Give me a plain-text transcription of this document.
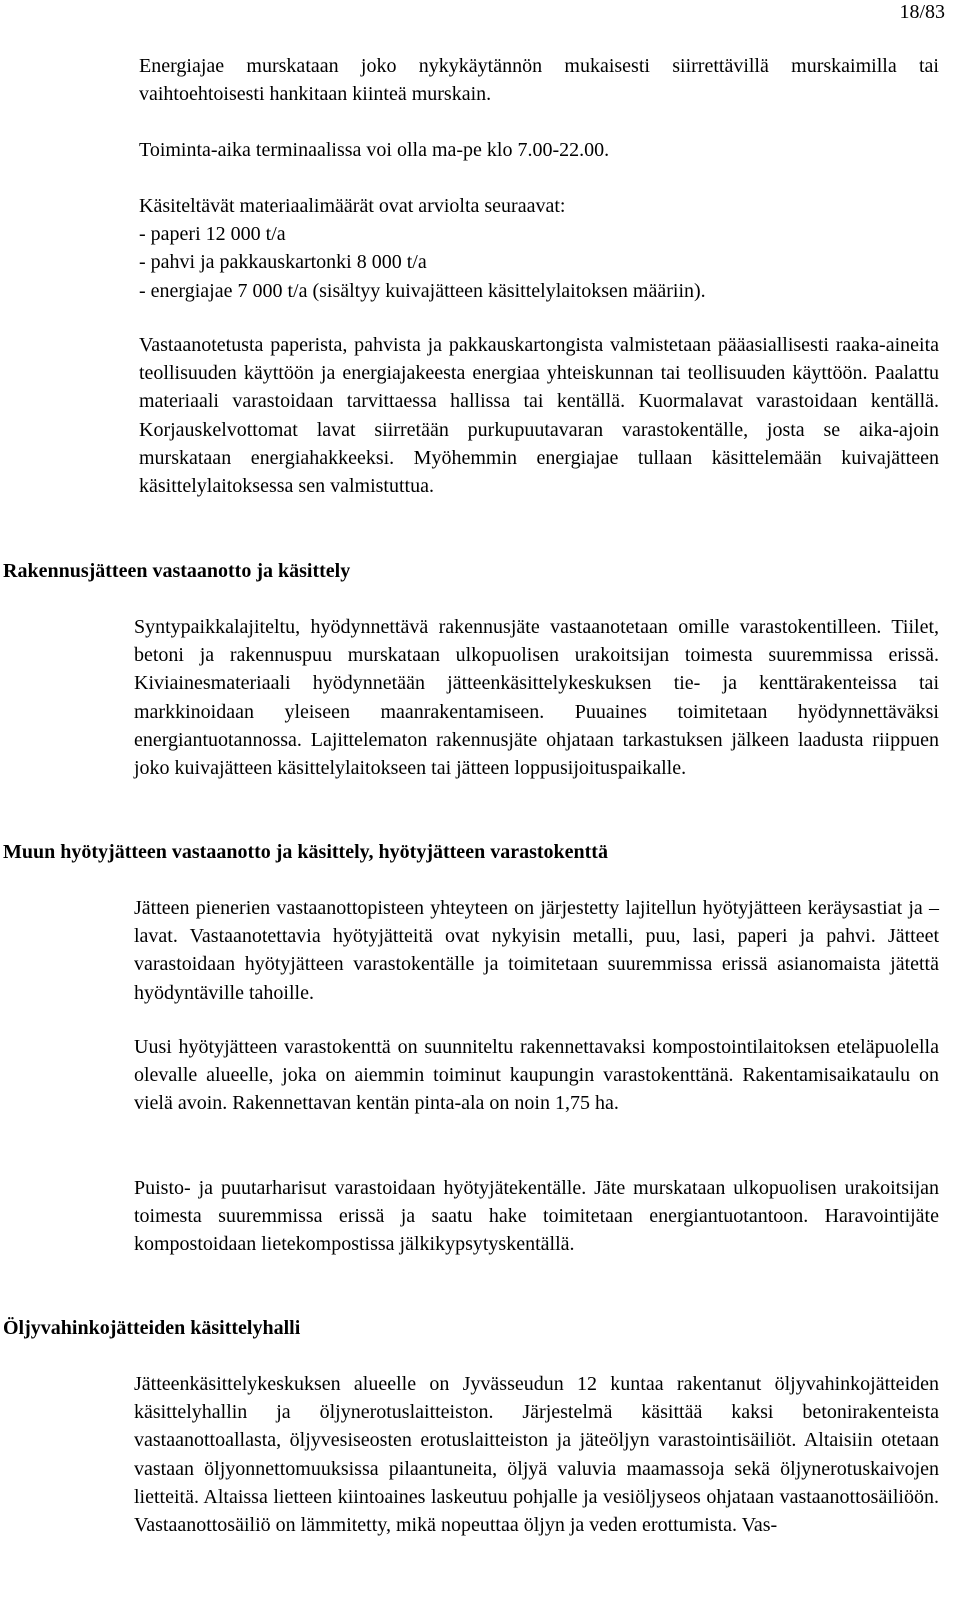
18/83

Energiajae murskataan joko nykykäytännön mukaisesti siirrettävillä murskaimilla tai vaihtoehtoisesti hankitaan kiinteä murskain.

Toiminta-aika terminaalissa voi olla ma-pe klo 7.00-22.00.

Käsiteltävät materiaalimäärät ovat arviolta seuraavat:
- paperi 12 000 t/a
- pahvi ja pakkauskartonki 8 000 t/a
- energiajae 7 000 t/a (sisältyy kuivajätteen käsittelylaitoksen määriin).

Vastaanotetusta paperista, pahvista ja pakkauskartongista valmistetaan pääasiallisesti raaka-aineita teollisuuden käyttöön ja energiajakeesta energiaa yhteiskunnan tai teollisuuden käyttöön. Paalattu materiaali varastoidaan tarvittaessa hallissa tai kentällä. Kuormalavat varastoidaan kentällä. Korjauskelvottomat lavat siirretään purkupuutavaran varastokentälle, josta se aika-ajoin murskataan energiahakkeeksi. Myöhemmin energiajae tullaan käsittelemään kuivajätteen käsittelylaitoksessa sen valmistuttua.

Rakennusjätteen vastaanotto ja käsittely

Syntypaikkalajiteltu, hyödynnettävä rakennusjäte vastaanotetaan omille varastokentilleen. Tiilet, betoni ja rakennuspuu murskataan ulkopuolisen urakoitsijan toimesta suuremmissa erissä. Kiviainesmateriaali hyödynnetään jätteenkäsittelykeskuksen tie- ja kenttärakenteissa tai markkinoidaan yleiseen maanrakentamiseen. Puuaines toimitetaan hyödynnettäväksi energiantuotannossa. Lajittelematon rakennusjäte ohjataan tarkastuksen jälkeen laadusta riippuen joko kuivajätteen käsittelylaitokseen tai jätteen loppusijoituspaikalle.

Muun hyötyjätteen vastaanotto ja käsittely, hyötyjätteen varastokenttä

Jätteen pienerien vastaanottopisteen yhteyteen on järjestetty lajitellun hyötyjätteen keräysastiat ja –lavat. Vastaanotettavia hyötyjätteitä ovat nykyisin metalli, puu, lasi, paperi ja pahvi. Jätteet varastoidaan hyötyjätteen varastokentälle ja toimitetaan suuremmissa erissä asianomaista jätettä hyödyntäville tahoille.

Uusi hyötyjätteen varastokenttä on suunniteltu rakennettavaksi kompostointilaitoksen eteläpuolella olevalle alueelle, joka on aiemmin toiminut kaupungin varastokenttänä. Rakentamisaikataulu on vielä avoin. Rakennettavan kentän pinta-ala on noin 1,75 ha.

Puisto- ja puutarharisut varastoidaan hyötyjätekentälle. Jäte murskataan ulkopuolisen urakoitsijan toimesta suuremmissa erissä ja saatu hake toimitetaan energiantuotantoon. Haravointijäte kompostoidaan lietekompostissa jälkikypsytyskentällä.

Öljyvahinkojätteiden käsittelyhalli

Jätteenkäsittelykeskuksen alueelle on Jyvässeudun 12 kuntaa rakentanut öljyvahinkojätteiden käsittelyhallin ja öljynerotuslaitteiston. Järjestelmä käsittää kaksi betonirakenteista vastaanottoallasta, öljyvesiseosten erotuslaitteiston ja jäteöljyn varastointisäiliöt. Altaisiin otetaan vastaan öljyonnettomuuksissa pilaantuneita, öljyä valuvia maamassoja sekä öljynerotuskaivojen lietteitä. Altaissa lietteen kiintoaines laskeutuu pohjalle ja vesiöljyseos ohjataan vastaanottosäiliöön. Vastaanottosäiliö on lämmitetty, mikä nopeuttaa öljyn ja veden erottumista. Vas-
